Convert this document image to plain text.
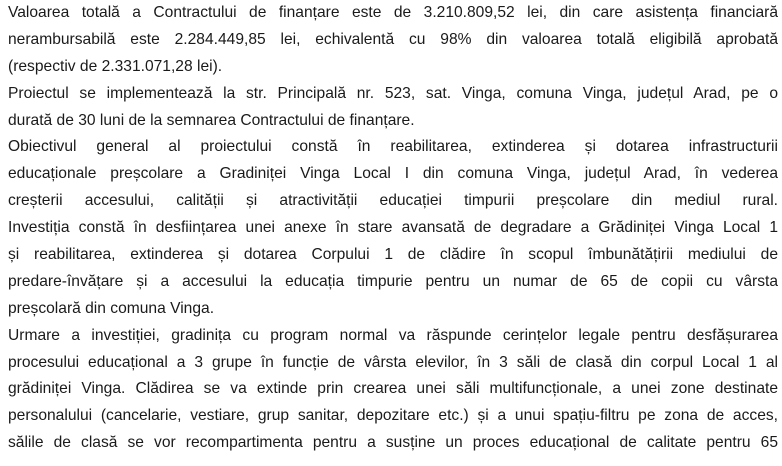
Valoarea totală a Contractului de finanțare este de 3.210.809,52 lei, din care asistența financiară
nerambursabilă este 2.284.449,85 lei, echivalentă cu 98% din valoarea totală eligibilă aprobată
(respectiv de 2.331.071,28 lei).
Proiectul se implementează la str. Principală nr. 523, sat. Vinga, comuna Vinga, județul Arad, pe o
durată de 30 luni de la semnarea Contractului de finanțare.
Obiectivul general al proiectului constă în reabilitarea, extinderea și dotarea infrastructurii
educaționale preșcolare a Gradiniței Vinga Local I din comuna Vinga, județul Arad, în vederea
creșterii accesului, calității și atractivității educației timpurii preșcolare din mediul rural.
Investiția constă în desființarea unei anexe în stare avansată de degradare a Grădiniței Vinga Local 1
și reabilitarea, extinderea și dotarea Corpului 1 de clădire în scopul îmbunătățirii mediului de
predare-învățare și a accesului la educația timpurie pentru un numar de 65 de copii cu vârsta
preșcolară din comuna Vinga.
Urmare a investiției, gradinița cu program normal va răspunde cerințelor legale pentru desfășurarea
procesului educațional a 3 grupe în funcție de vârsta elevilor, în 3 săli de clasă din corpul Local 1 al
grădiniței Vinga. Clădirea se va extinde prin crearea unei săli multifuncționale, a unei zone destinate
personalului (cancelarie, vestiare, grup sanitar, depozitare etc.) și a unui spațiu-filtru pe zona de acces,
sălile de clasă se vor recompartimenta pentru a susține un proces educațional de calitate pentru 65
